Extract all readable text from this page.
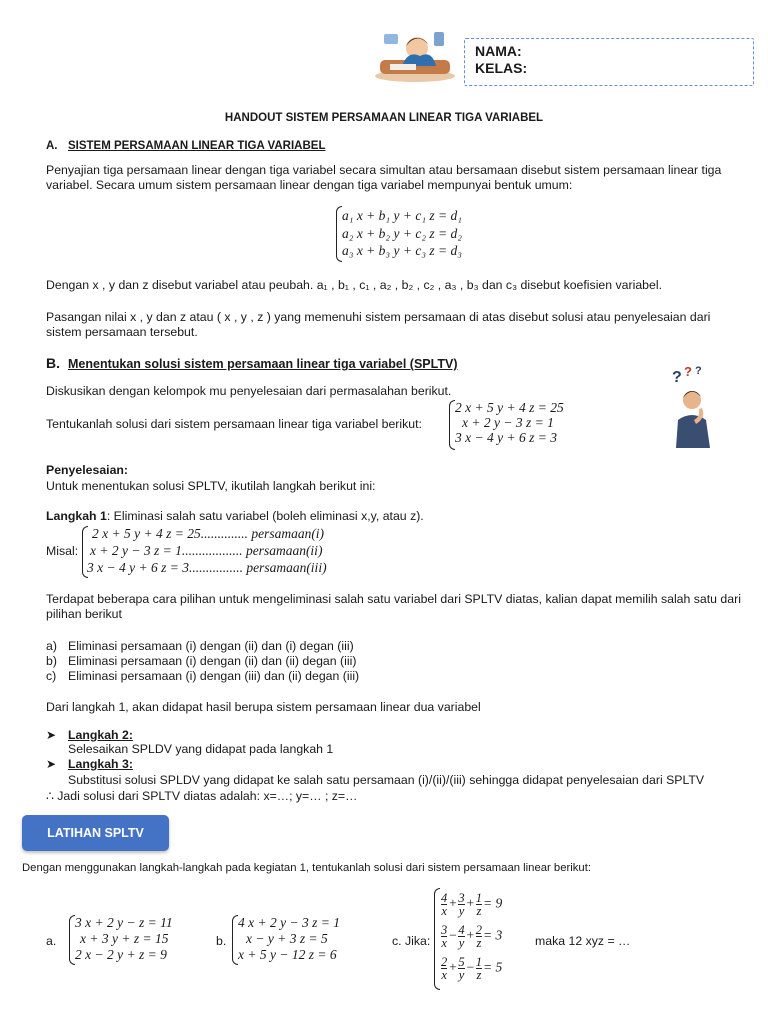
NAMA:
KELAS:
HANDOUT SISTEM PERSAMAAN LINEAR TIGA VARIABEL
A. SISTEM PERSAMAAN LINEAR TIGA VARIABEL
Penyajian tiga persamaan linear dengan tiga variabel secara simultan atau bersamaan disebut sistem persamaan linear tiga variabel. Secara umum sistem persamaan linear dengan tiga variabel mempunyai bentuk umum:
a₁ x + b₁ y + c₁ z = d₁
a₂ x + b₂ y + c₂ z = d₂
a₃ x + b₃ y + c₃ z = d₃
Dengan x , y dan z disebut variabel atau peubah. a₁ , b₁ , c₁ , a₂ , b₂ , c₂ , a₃ , b₃ dan c₃ disebut koefisien variabel.
Pasangan nilai x , y dan z atau ( x , y , z ) yang memenuhi sistem persamaan di atas disebut solusi atau penyelesaian dari sistem persamaan tersebut.
B. Menentukan solusi sistem persamaan linear tiga variabel (SPLTV)
? ? ?
Diskusikan dengan kelompok mu penyelesaian dari permasalahan berikut.
Tentukanlah solusi dari sistem persamaan linear tiga variabel berikut:
2 x + 5 y + 4 z = 25
x + 2 y − 3 z = 1
3 x − 4 y + 6 z = 3
Penyelesaian:
Untuk menentukan solusi SPLTV, ikutilah langkah berikut ini:
Langkah 1: Eliminasi salah satu variabel (boleh eliminasi x,y, atau z).
Misal:
2 x + 5 y + 4 z = 25.............. persamaan(i)
x + 2 y − 3 z = 1.................. persamaan(ii)
3 x − 4 y + 6 z = 3................ persamaan(iii)
Terdapat beberapa cara pilihan untuk mengeliminasi salah satu variabel dari SPLTV diatas, kalian dapat memilih salah satu dari pilihan berikut
a) Eliminasi persamaan (i) dengan (ii) dan (i) degan (iii)
b) Eliminasi persamaan (i) dengan (ii) dan (ii) degan (iii)
c) Eliminasi persamaan (i) dengan (iii) dan (ii) degan (iii)
Dari langkah 1, akan didapat hasil berupa sistem persamaan linear dua variabel
➤ Langkah 2:
Selesaikan SPLDV yang didapat pada langkah 1
➤ Langkah 3:
Substitusi solusi SPLDV yang didapat ke salah satu persamaan (i)/(ii)/(iii) sehingga didapat penyelesaian dari SPLTV
∴ Jadi solusi dari SPLTV diatas adalah: x=…; y=… ; z=…
LATIHAN SPLTV
Dengan menggunakan langkah-langkah pada kegiatan 1, tentukanlah solusi dari sistem persamaan linear berikut:
a.
3 x + 2 y − z = 11
x + 3 y + z = 15
2 x − 2 y + z = 9
b.
4 x + 2 y − 3 z = 1
x − y + 3 z = 5
x + 5 y − 12 z = 6
c. Jika:
$\frac{4}{x} + \frac{3}{y} + \frac{1}{z} = 9$
$\frac{3}{x} - \frac{4}{y} + \frac{2}{z} = 3$
$\frac{2}{x} + \frac{5}{y} - \frac{1}{z} = 5$
maka 12 xyz = …
